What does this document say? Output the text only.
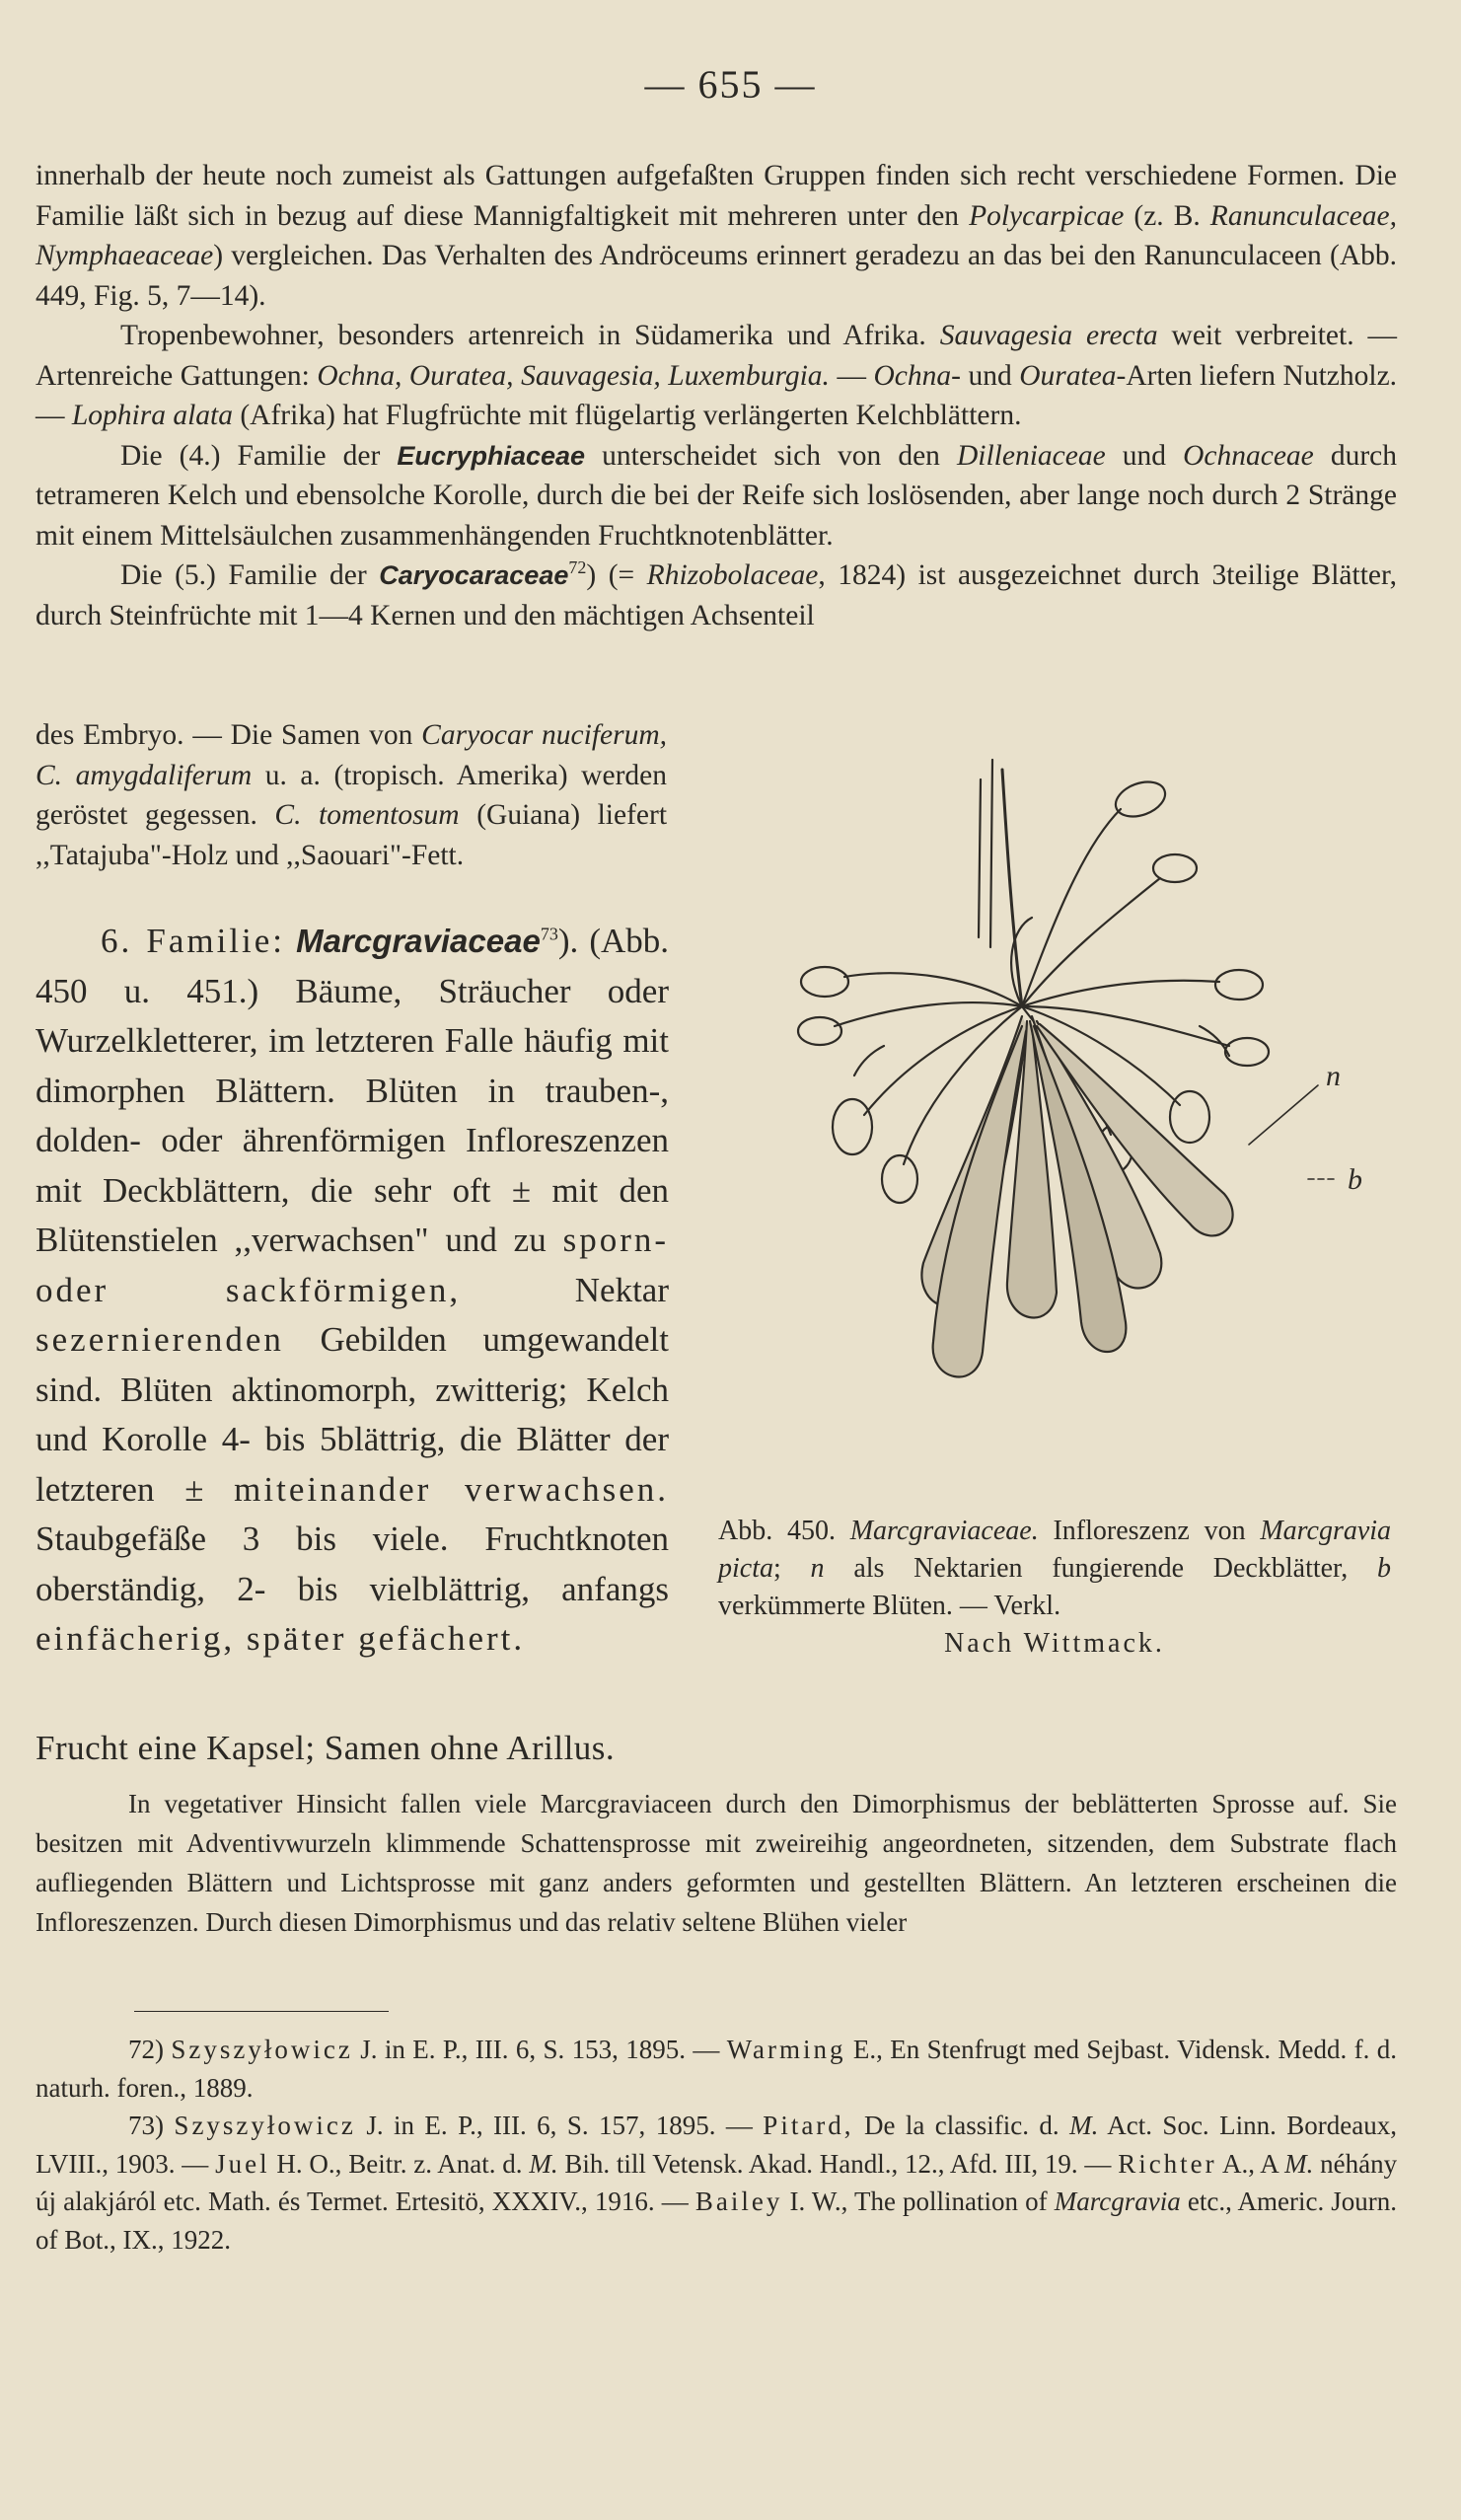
— 655 —

innerhalb der heute noch zumeist als Gattungen aufgefaßten Gruppen finden sich recht verschiedene Formen. Die Familie läßt sich in bezug auf diese Mannigfaltigkeit mit mehreren unter den Polycarpicae (z. B. Ranunculaceae, Nymphaeaceae) vergleichen. Das Verhalten des Andröceums erinnert geradezu an das bei den Ranunculaceen (Abb. 449, Fig. 5, 7—14).

Tropenbewohner, besonders artenreich in Südamerika und Afrika. Sauvagesia erecta weit verbreitet. — Artenreiche Gattungen: Ochna, Ouratea, Sauvagesia, Luxemburgia. — Ochna- und Ouratea-Arten liefern Nutzholz. — Lophira alata (Afrika) hat Flugfrüchte mit flügelartig verlängerten Kelchblättern.

Die (4.) Familie der Eucryphiaceae unterscheidet sich von den Dilleniaceae und Ochnaceae durch tetrameren Kelch und ebensolche Korolle, durch die bei der Reife sich loslösenden, aber lange noch durch 2 Stränge mit einem Mittelsäulchen zusammenhängenden Fruchtknotenblätter.

Die (5.) Familie der Caryocaraceae$^{72}$) (= Rhizobolaceae, 1824) ist ausgezeichnet durch 3teilige Blätter, durch Steinfrüchte mit 1—4 Kernen und den mächtigen Achsenteil

des Embryo. — Die Samen von Caryocar nuciferum, C. amygdaliferum u. a. (tropisch. Amerika) werden geröstet gegessen. C. tomentosum (Guiana) liefert ,,Tatajuba"-Holz und ,,Saouari"-Fett.

6. Familie: Marcgraviaceae$^{73}$). (Abb. 450 u. 451.) Bäume, Sträucher oder Wurzelkletterer, im letzteren Falle häufig mit dimorphen Blättern. Blüten in trauben-, dolden- oder ährenförmigen Infloreszenzen mit Deckblättern, die sehr oft ± mit den Blütenstielen ,,verwachsen" und zu sporn- oder sackförmigen,	Nektar sezernierenden Gebilden umgewandelt sind. Blüten aktinomorph, zwitterig; Kelch und Korolle 4- bis 5blättrig, die Blätter der letzteren ± miteinander verwachsen. Staubgefäße 3 bis viele. Fruchtknoten oberständig, 2- bis vielblättrig, anfangs einfächerig, später gefächert.

Frucht eine Kapsel; Samen ohne Arillus.
n
b
Abb. 450. Marcgraviaceae. Infloreszenz von Marcgravia picta; n als Nektarien fungierende Deckblätter, b verkümmerte Blüten. — Verkl.
Nach Wittmack.

In vegetativer Hinsicht fallen viele Marcgraviaceen durch den Dimorphismus der beblätterten Sprosse auf. Sie besitzen mit Adventivwurzeln klimmende Schattensprosse mit zweireihig angeordneten, sitzenden, dem Substrate flach aufliegenden Blättern und Lichtsprosse mit ganz anders geformten und gestellten Blättern. An letzteren erscheinen die Infloreszenzen. Durch diesen Dimorphismus und das relativ seltene Blühen vieler

72) Szyszyłowicz J. in E. P., III. 6, S. 153, 1895. — Warming E., En Stenfrugt med Sejbast. Vidensk. Medd. f. d. naturh. foren., 1889.

73) Szyszyłowicz J. in E. P., III. 6, S. 157, 1895. — Pitard, De la classific. d. M. Act. Soc. Linn. Bordeaux, LVIII., 1903. — Juel H. O., Beitr. z. Anat. d. M. Bih. till Vetensk. Akad. Handl., 12., Afd. III, 19. — Richter A., A M. néhány új alakjáról etc. Math. és Termet. Ertesitö, XXXIV., 1916. — Bailey I. W., The pollination of Marcgravia etc., Americ. Journ. of Bot., IX., 1922.
